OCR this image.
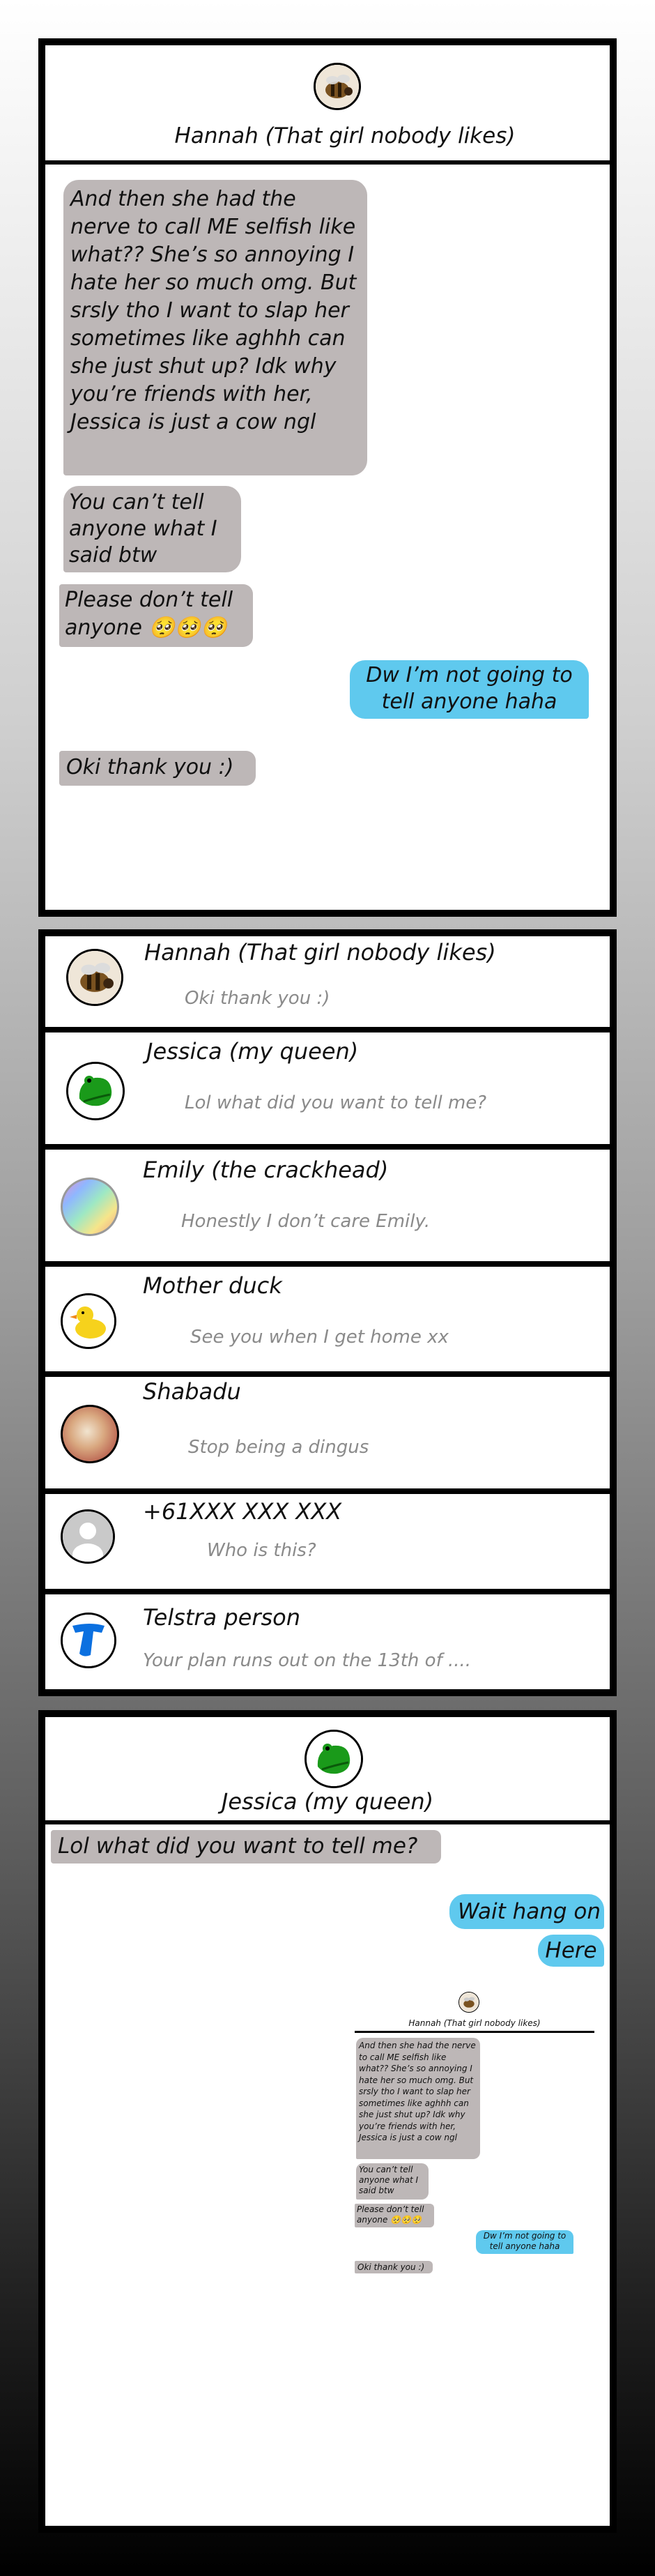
Hannah (That girl nobody likes)
And then she had the nerve to call ME selfish like what?? She’s so annoying I hate her so much omg. But srsly tho I want to slap her sometimes like aghhh can she just shut up? Idk why you’re friends with her, Jessica is just a cow ngl
You can’t tell anyone what I said btw
Please don’t tell anyone 🥺🥺🥺
Dw I’m not going to tell anyone haha
Oki thank you :)
Hannah (That girl nobody likes)
Oki thank you :)
Jessica (my queen)
Lol what did you want to tell me?
Emily (the crackhead)
Honestly I don’t care Emily.
Mother duck
See you when I get home xx
Shabadu
Stop being a dingus
+61XXX XXX XXX
Who is this?
Telstra person
Your plan runs out on the 13th of ....
Jessica (my queen)
Lol what did you want to tell me?
Wait hang on
Here
Hannah (That girl nobody likes)
And then she had the nerve to call ME selfish like what?? She’s so annoying I hate her so much omg. But srsly tho I want to slap her sometimes like aghhh can she just shut up? Idk why you’re friends with her, Jessica is just a cow ngl
You can’t tell anyone what I said btw
Please don’t tell anyone 🥺🥺🥺
Dw I’m not going to tell anyone haha
Oki thank you :)
